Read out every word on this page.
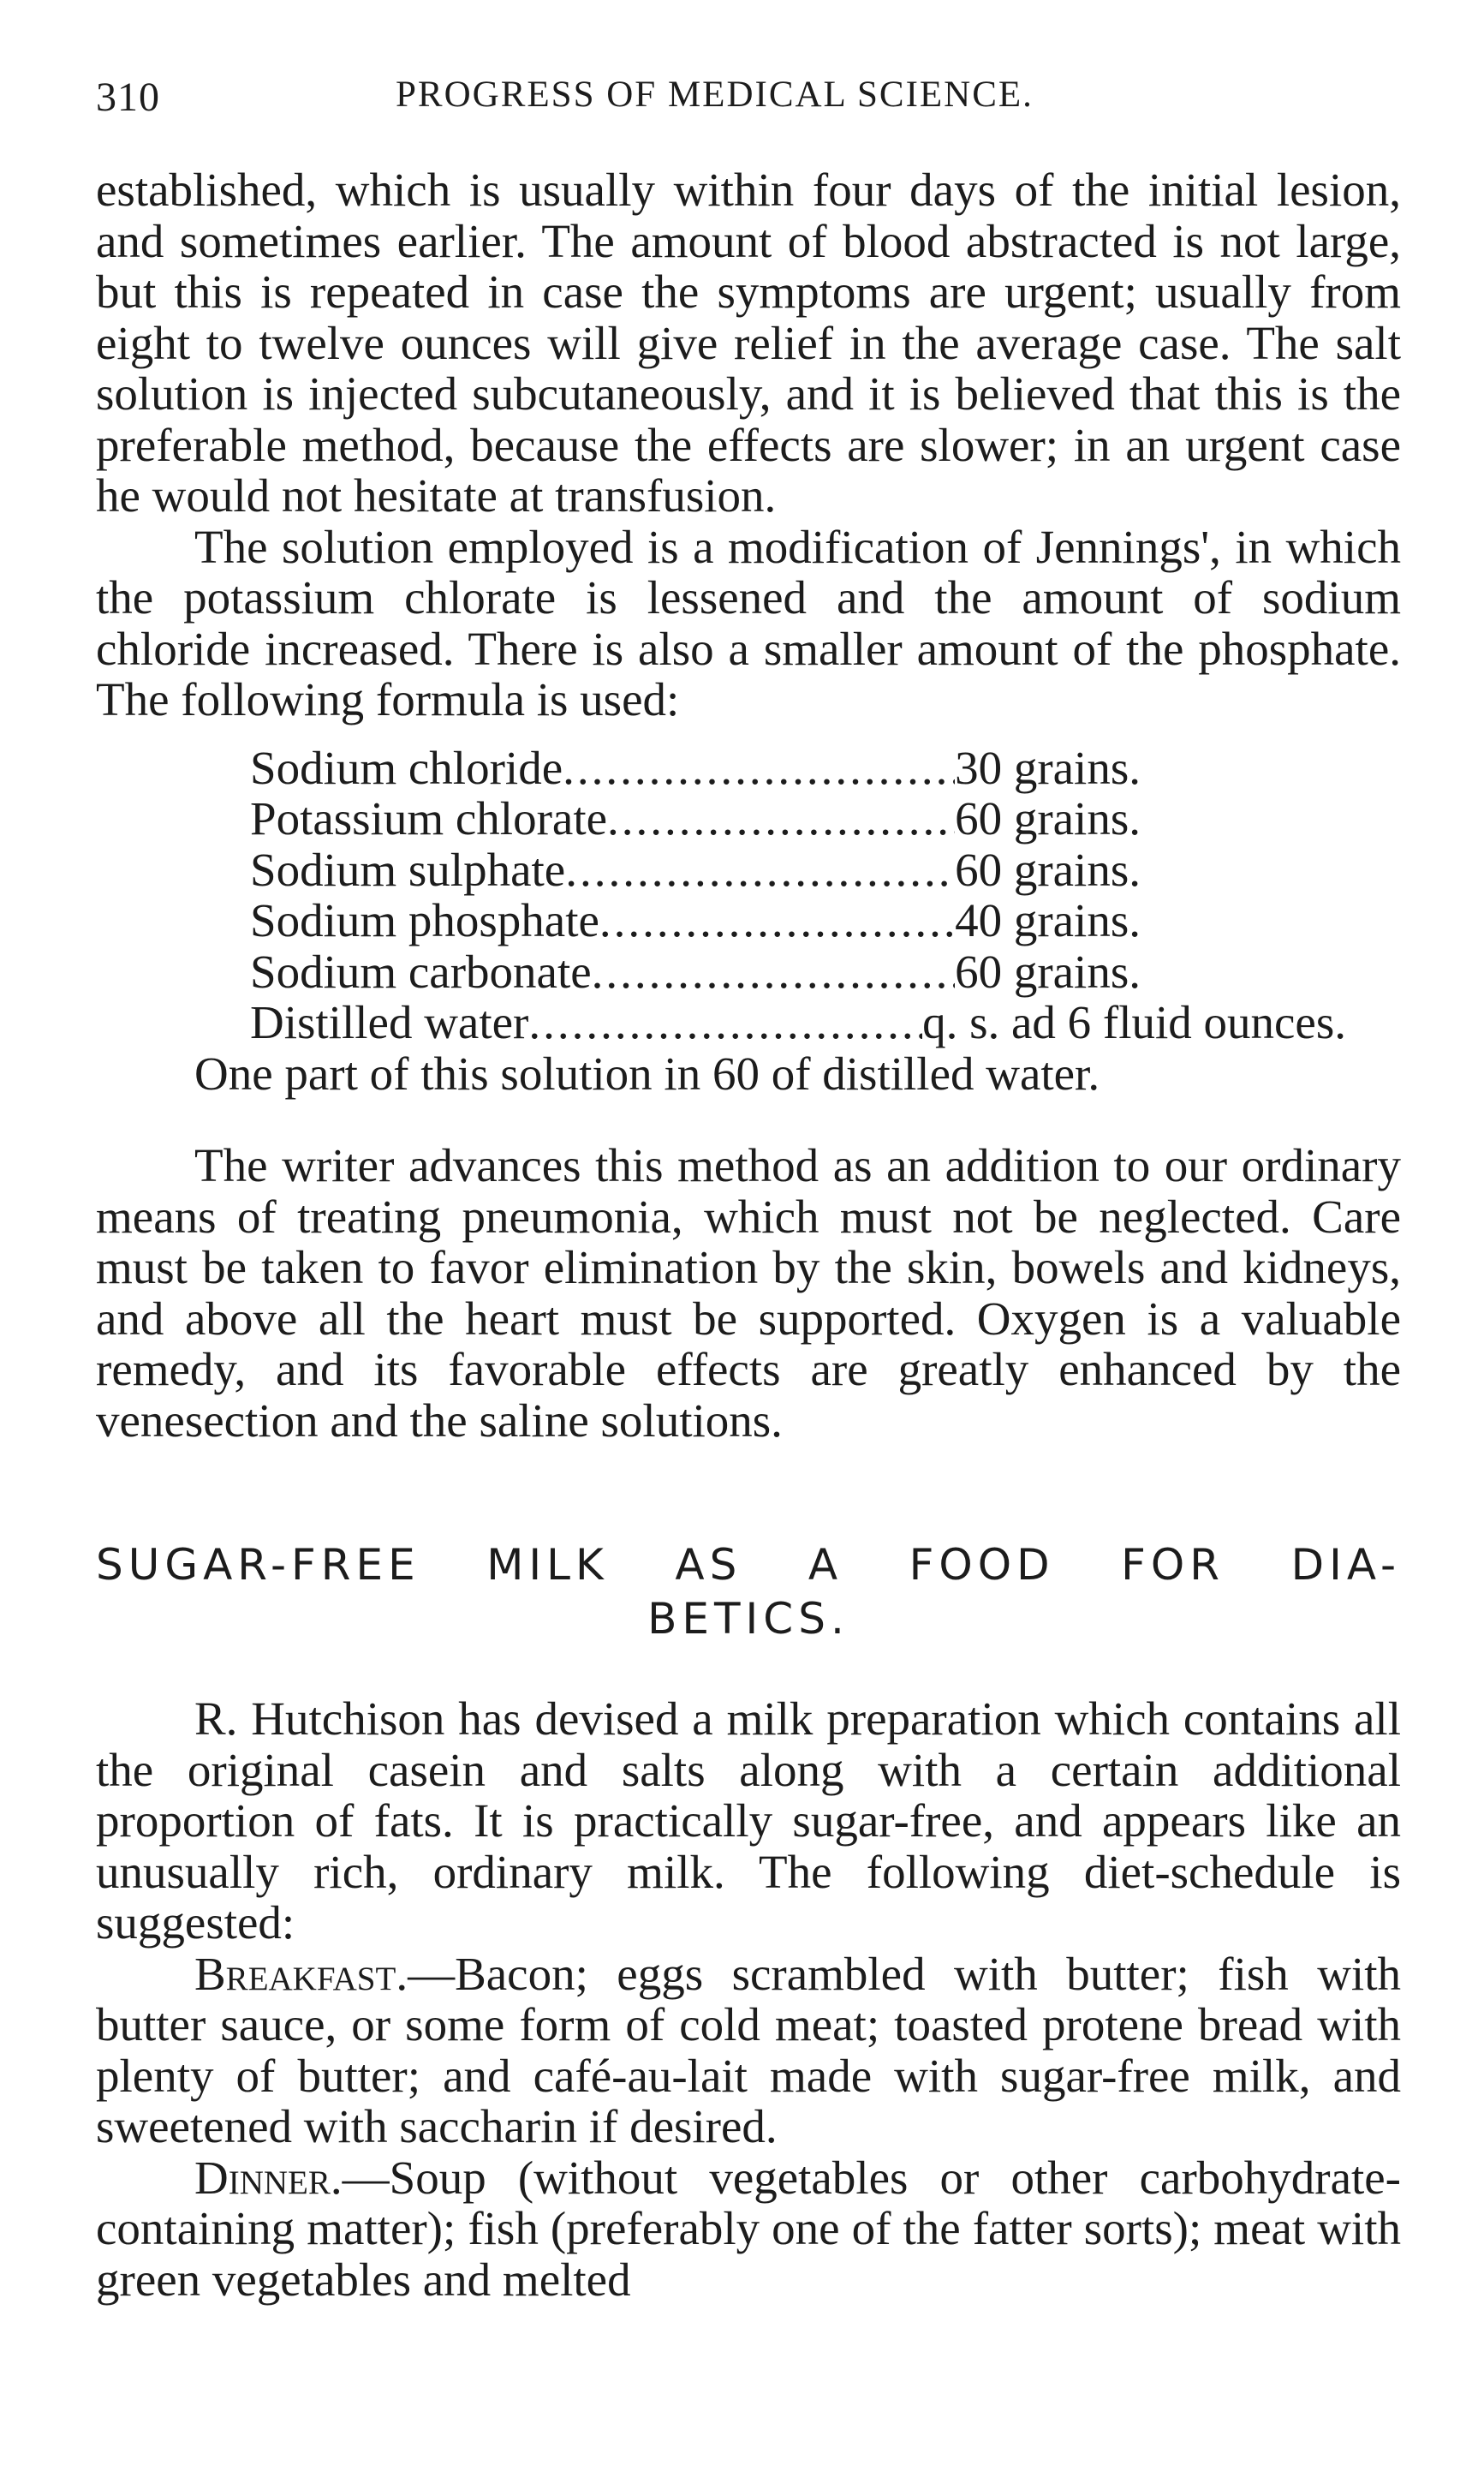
310	PROGRESS OF MEDICAL SCIENCE.

established, which is usually within four days of the initial lesion, and sometimes earlier. The amount of blood abstracted is not large, but this is repeated in case the symptoms are urgent; usually from eight to twelve ounces will give relief in the average case. The salt solution is injected subcutaneously, and it is believed that this is the preferable method, because the effects are slower; in an urgent case he would not hesitate at transfusion.

The solution employed is a modification of Jennings', in which the potassium chlorate is lessened and the amount of sodium chloride increased. There is also a smaller amount of the phosphate. The following formula is used:

Sodium chloride .....	30 grains.
Potassium chlorate .....	60 grains.
Sodium sulphate .....	60 grains.
Sodium phosphate .....	40 grains.
Sodium carbonate .....	60 grains.
Distilled water .....	q. s. ad 6 fluid ounces.

One part of this solution in 60 of distilled water.

The writer advances this method as an addition to our ordinary means of treating pneumonia, which must not be neglected. Care must be taken to favor elimination by the skin, bowels and kidneys, and above all the heart must be supported. Oxygen is a valuable remedy, and its favorable effects are greatly enhanced by the venesection and the saline solutions.

SUGAR-FREE MILK AS A FOOD FOR DIA-
BETICS.

R. Hutchison has devised a milk preparation which contains all the original casein and salts along with a certain additional proportion of fats. It is practically sugar-free, and appears like an unusually rich, ordinary milk. The following diet-schedule is suggested:

Breakfast.—Bacon; eggs scrambled with butter; fish with butter sauce, or some form of cold meat; toasted protene bread with plenty of butter; and café-au-lait made with sugar-free milk, and sweetened with saccharin if desired.

Dinner.—Soup (without vegetables or other carbohydrate-containing matter); fish (preferably one of the fatter sorts); meat with green vegetables and melted
